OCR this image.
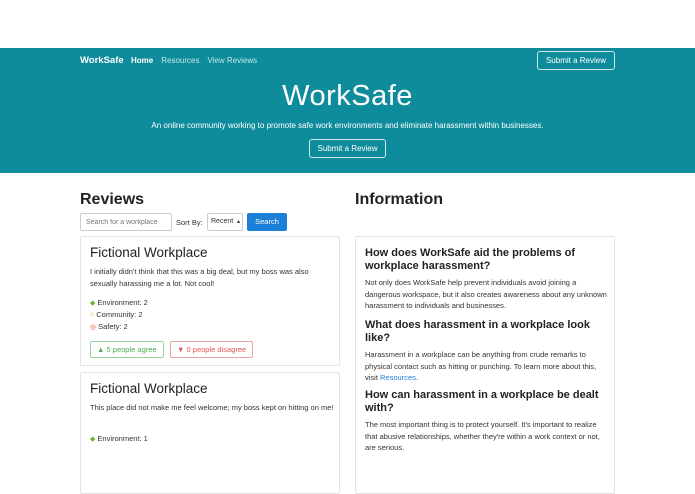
WorkSafe Home Resources View Reviews	Submit a Review
WorkSafe
An online community working to promote safe work environments and eliminate harassment within businesses.
Submit a Review
Reviews
Search for a workplace
Sort By:	Recent ▴	Search
Fictional Workplace
I initially didn't think that this was a big deal, but my boss was also sexually harassing me a lot. Not cool!
◆ Environment: 2
⌂ Community: 2
◎ Safety: 2
▲ 5 people agree	▼ 0 people disagree
Fictional Workplace
This place did not make me feel welcome; my boss kept on hitting on me!
◆ Environment: 1
Information
How does WorkSafe aid the problems of workplace harassment?
Not only does WorkSafe help prevent individuals avoid joining a dangerous workspace, but it also creates awareness about any unknown harassment to individuals and businesses.
What does harassment in a workplace look like?
Harassment in a workplace can be anything from crude remarks to physical contact such as hitting or punching. To learn more about this, visit Resources.
How can harassment in a workplace be dealt with?
The most important thing is to protect yourself. It's important to realize that abusive relationships, whether they're within a work context or not, are serious.
